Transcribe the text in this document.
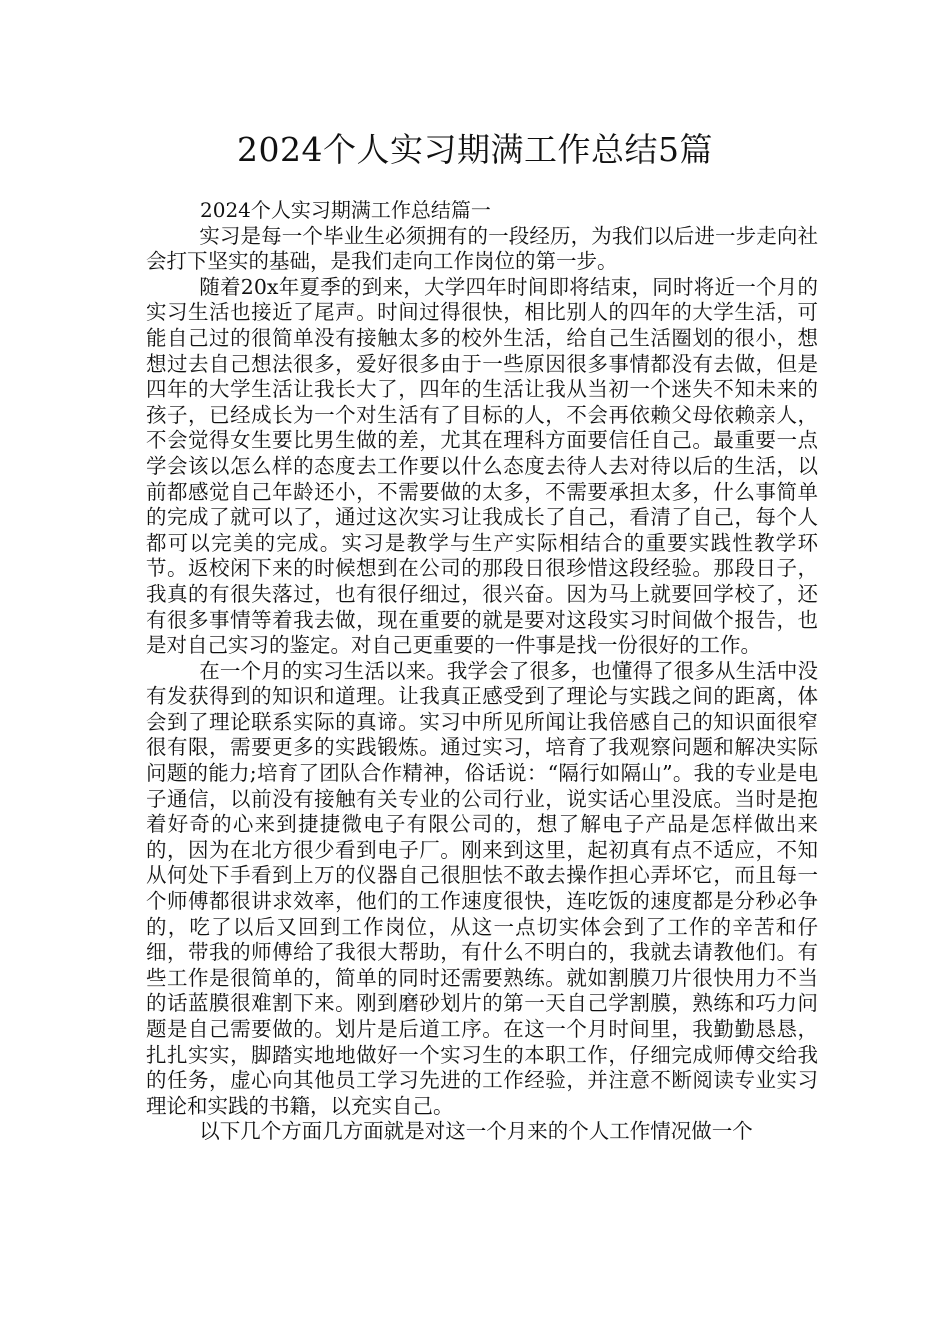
2024个人实习期满工作总结5篇
2024个人实习期满工作总结篇一

实习是每一个毕业生必须拥有的一段经历，为我们以后进一步走向社会打下坚实的基础，是我们走向工作岗位的第一步。

随着20x年夏季的到来，大学四年时间即将结束，同时将近一个月的实习生活也接近了尾声。时间过得很快，相比别人的四年的大学生活，可能自己过的很简单没有接触太多的校外生活，给自己生活圈划的很小，想想过去自己想法很多，爱好很多由于一些原因很多事情都没有去做，但是四年的大学生活让我长大了，四年的生活让我从当初一个迷失不知未来的孩子，已经成长为一个对生活有了目标的人，不会再依赖父母依赖亲人，不会觉得女生要比男生做的差，尤其在理科方面要信任自己。最重要一点学会该以怎么样的态度去工作要以什么态度去待人去对待以后的生活，以前都感觉自己年龄还小，不需要做的太多，不需要承担太多，什么事简单的完成了就可以了，通过这次实习让我成长了自己，看清了自己，每个人都可以完美的完成。实习是教学与生产实际相结合的重要实践性教学环节。返校闲下来的时候想到在公司的那段日很珍惜这段经验。那段日子，我真的有很失落过，也有很仔细过，很兴奋。因为马上就要回学校了，还有很多事情等着我去做，现在重要的就是要对这段实习时间做个报告，也是对自己实习的鉴定。对自己更重要的一件事是找一份很好的工作。

在一个月的实习生活以来。我学会了很多，也懂得了很多从生活中没有发获得到的知识和道理。让我真正感受到了理论与实践之间的距离，体会到了理论联系实际的真谛。实习中所见所闻让我倍感自己的知识面很窄很有限，需要更多的实践锻炼。通过实习，培育了我观察问题和解决实际问题的能力;培育了团队合作精神，俗话说：“隔行如隔山”。我的专业是电子通信，以前没有接触有关专业的公司行业，说实话心里没底。当时是抱着好奇的心来到捷捷微电子有限公司的，想了解电子产品是怎样做出来的，因为在北方很少看到电子厂。刚来到这里，起初真有点不适应，不知从何处下手看到上万的仪器自己很胆怯不敢去操作担心弄坏它，而且每一个师傅都很讲求效率，他们的工作速度很快，连吃饭的速度都是分秒必争的，吃了以后又回到工作岗位，从这一点切实体会到了工作的辛苦和仔细，带我的师傅给了我很大帮助，有什么不明白的，我就去请教他们。有些工作是很简单的，简单的同时还需要熟练。就如割膜刀片很快用力不当的话蓝膜很难割下来。刚到磨砂划片的第一天自己学割膜，熟练和巧力问题是自己需要做的。划片是后道工序。在这一个月时间里，我勤勤恳恳，扎扎实实，脚踏实地地做好一个实习生的本职工作，仔细完成师傅交给我的任务，虚心向其他员工学习先进的工作经验，并注意不断阅读专业实习理论和实践的书籍，以充实自己。

以下几个方面几方面就是对这一个月来的个人工作情况做一个
